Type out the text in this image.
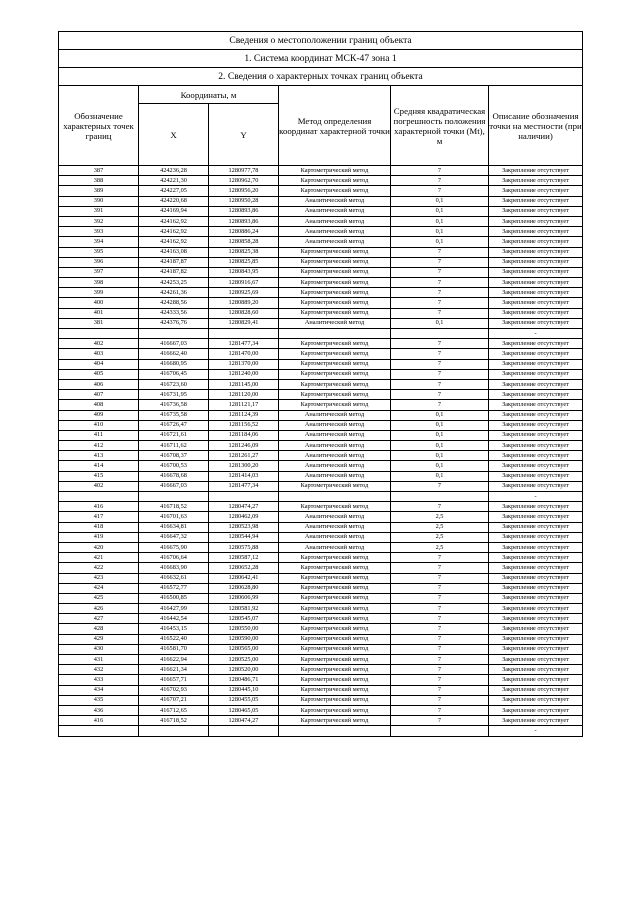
Сведения о местоположении границ объекта					
1. Система координат МСК-47 зона 1					
2. Сведения о характерных точках границ объекта					
Обозначение характерных точек границ	Координаты, м		Метод определения координат характерной точки	Средняя квадратическая погрешность положения характерной точки (Mt), м	Описание обозначения точки на местности (при наличии)
	X	Y			
387	424236,28	1280977,78	Картометрический метод	7	Закрепление отсутствует
388	424221,30	1280962,70	Картометрический метод	7	Закрепление отсутствует
389	424227,05	1280956,20	Картометрический метод	7	Закрепление отсутствует
390	424220,68	1280950,28	Аналитический метод	0,1	Закрепление отсутствует
391	424169,94	1280893,86	Аналитический метод	0,1	Закрепление отсутствует
392	424162,92	1280893,86	Аналитический метод	0,1	Закрепление отсутствует
393	424162,92	1280886,24	Аналитический метод	0,1	Закрепление отсутствует
394	424162,92	1280858,28	Аналитический метод	0,1	Закрепление отсутствует
395	424163,08	1280825,38	Картометрический метод	7	Закрепление отсутствует
396	424187,87	1280825,85	Картометрический метод	7	Закрепление отсутствует
397	424187,82	1280843,95	Картометрический метод	7	Закрепление отсутствует
398	424253,25	1280916,67	Картометрический метод	7	Закрепление отсутствует
399	424261,36	1280925,69	Картометрический метод	7	Закрепление отсутствует
400	424288,56	1280889,20	Картометрический метод	7	Закрепление отсутствует
401	424333,56	1280828,60	Картометрический метод	7	Закрепление отсутствует
381	424376,76	1280829,41	Аналитический метод	0,1	Закрепление отсутствует
					-
402	416667,03	1281477,34	Картометрический метод	7	Закрепление отсутствует
403	416662,40	1281470,00	Картометрический метод	7	Закрепление отсутствует
404	416680,95	1281370,00	Картометрический метод	7	Закрепление отсутствует
405	416706,45	1281240,00	Картометрический метод	7	Закрепление отсутствует
406	416723,60	1281145,00	Картометрический метод	7	Закрепление отсутствует
407	416731,95	1281120,00	Картометрический метод	7	Закрепление отсутствует
408	416736,58	1281121,17	Картометрический метод	7	Закрепление отсутствует
409	416735,58	1281124,39	Аналитический метод	0,1	Закрепление отсутствует
410	416726,47	1281156,52	Аналитический метод	0,1	Закрепление отсутствует
411	416721,61	1281184,06	Аналитический метод	0,1	Закрепление отсутствует
412	416711,62	1281246,09	Аналитический метод	0,1	Закрепление отсутствует
413	416708,37	1281261,27	Аналитический метод	0,1	Закрепление отсутствует
414	416700,53	1281300,20	Аналитический метод	0,1	Закрепление отсутствует
415	416678,68	1281414,03	Аналитический метод	0,1	Закрепление отсутствует
402	416667,03	1281477,34	Картометрический метод	7	Закрепление отсутствует
					-
416	416718,52	1280474,27	Картометрический метод	7	Закрепление отсутствует
417	416701,63	1280462,09	Аналитический метод	2,5	Закрепление отсутствует
418	416634,81	1280523,98	Аналитический метод	2,5	Закрепление отсутствует
419	416647,32	1280544,94	Аналитический метод	2,5	Закрепление отсутствует
420	416675,90	1280575,88	Аналитический метод	2,5	Закрепление отсутствует
421	416706,64	1280587,12	Картометрический метод	7	Закрепление отсутствует
422	416683,90	1280652,28	Картометрический метод	7	Закрепление отсутствует
423	416632,61	1280642,41	Картометрический метод	7	Закрепление отсутствует
424	416572,77	1280628,80	Картометрический метод	7	Закрепление отсутствует
425	416500,85	1280606,99	Картометрический метод	7	Закрепление отсутствует
426	416427,99	1280581,92	Картометрический метод	7	Закрепление отсутствует
427	416442,54	1280545,07	Картометрический метод	7	Закрепление отсутствует
428	416453,15	1280550,00	Картометрический метод	7	Закрепление отсутствует
429	416522,40	1280590,00	Картометрический метод	7	Закрепление отсутствует
430	416581,70	1280565,00	Картометрический метод	7	Закрепление отсутствует
431	416622,94	1280525,00	Картометрический метод	7	Закрепление отсутствует
432	416621,34	1280520,00	Картометрический метод	7	Закрепление отсутствует
433	416657,71	1280486,71	Картометрический метод	7	Закрепление отсутствует
434	416702,93	1280445,10	Картометрический метод	7	Закрепление отсутствует
435	416707,21	1280455,05	Картометрический метод	7	Закрепление отсутствует
436	416712,65	1280465,05	Картометрический метод	7	Закрепление отсутствует
416	416718,52	1280474,27	Картометрический метод	7	Закрепление отсутствует
					-
